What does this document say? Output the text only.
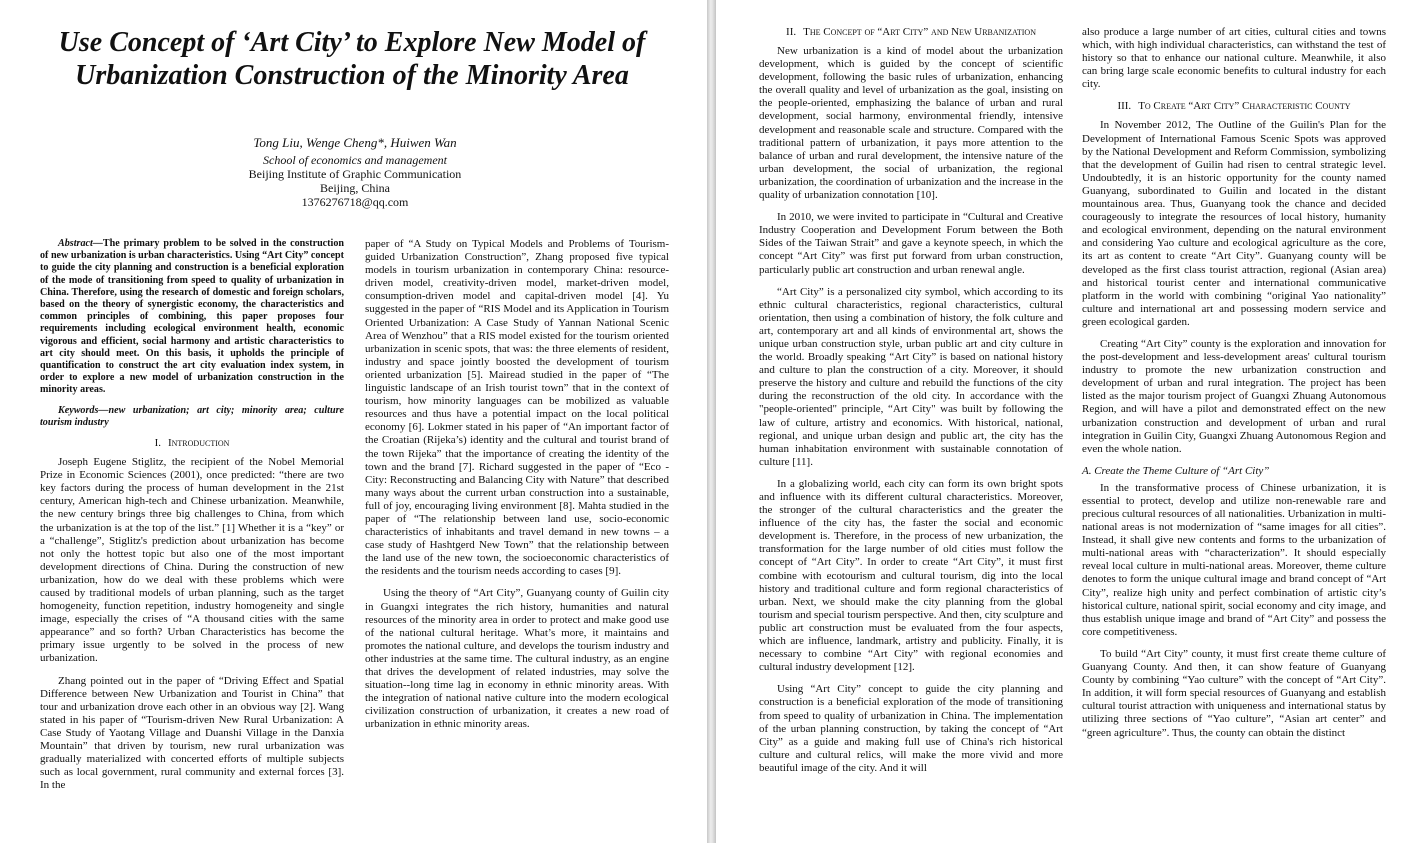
Use Concept of ‘Art City’ to Explore New Model of
Urbanization Construction of the Minority Area
Tong Liu, Wenge Cheng*, Huiwen Wan
School of economics and management
Beijing Institute of Graphic Communication
Beijing, China
1376276718@qq.com

Abstract—The primary problem to be solved in the construction of new urbanization is urban characteristics. Using “Art City” concept to guide the city planning and construction is a beneficial exploration of the mode of transitioning from speed to quality of urbanization in China. Therefore, using the research of domestic and foreign scholars, based on the theory of synergistic economy, the characteristics and common principles of combining, this paper proposes four requirements including ecological environment health, economic vigorous and efficient, social harmony and artistic characteristics to art city should meet. On this basis, it upholds the principle of quantification to construct the art city evaluation index system, in order to explore a new model of urbanization construction in the minority areas.

Keywords—new urbanization; art city; minority area; culture tourism industry

I. Introduction

Joseph Eugene Stiglitz, the recipient of the Nobel Memorial Prize in Economic Sciences (2001), once predicted: “there are two key factors during the process of human development in the 21st century, American high-tech and Chinese urbanization. Meanwhile, the new century brings three big challenges to China, from which the urbanization is at the top of the list.” [1] Whether it is a “key” or a “challenge”, Stiglitz's prediction about urbanization has become not only the hottest topic but also one of the most important development directions of China. During the construction of new urbanization, how do we deal with these problems which were caused by traditional models of urban planning, such as the target homogeneity, function repetition, industry homogeneity and single image, especially the crises of “A thousand cities with the same appearance” and so forth? Urban Characteristics has become the primary issue urgently to be solved in the process of new urbanization.

Zhang pointed out in the paper of “Driving Effect and Spatial Difference between New Urbanization and Tourist in China” that tour and urbanization drove each other in an obvious way [2]. Wang stated in his paper of “Tourism-driven New Rural Urbanization: A Case Study of Yaotang Village and Duanshi Village in the Danxia Mountain” that driven by tourism, new rural urbanization was gradually materialized with concerted efforts of multiple subjects such as local government, rural community and external forces [3]. In the

paper of “A Study on Typical Models and Problems of Tourism-guided Urbanization Construction”, Zhang proposed five typical models in tourism urbanization in contemporary China: resource-driven model, creativity-driven model, market-driven model, consumption-driven model and capital-driven model [4]. Yu suggested in the paper of “RIS Model and its Application in Tourism Oriented Urbanization: A Case Study of Yannan National Scenic Area of Wenzhou” that a RIS model existed for the tourism oriented urbanization in scenic spots, that was: the three elements of resident, industry and space jointly boosted the development of tourism oriented urbanization [5]. Mairead studied in the paper of “The linguistic landscape of an Irish tourist town” that in the context of tourism, how minority languages can be mobilized as valuable resources and thus have a potential impact on the local political economy [6]. Lokmer stated in his paper of “An important factor of the Croatian (Rijeka’s) identity and the cultural and tourist brand of the town Rijeka” that the importance of creating the identity of the town and the brand [7]. Richard suggested in the paper of “Eco - City: Reconstructing and Balancing City with Nature” that described many ways about the current urban construction into a sustainable, full of joy, encouraging living environment [8]. Mahta studied in the paper of “The relationship between land use, socio-economic characteristics of inhabitants and travel demand in new towns – a case study of Hashtgerd New Town” that the relationship between the land use of the new town, the socioeconomic characteristics of the residents and the tourism needs according to cases [9].

Using the theory of “Art City”, Guanyang county of Guilin city in Guangxi integrates the rich history, humanities and natural resources of the minority area in order to protect and make good use of the national cultural heritage. What’s more, it maintains and promotes the national culture, and develops the tourism industry and other industries at the same time. The cultural industry, as an engine that drives the development of related industries, may solve the situation--long time lag in economy in ethnic minority areas. With the integration of national native culture into the modern ecological civilization construction of urbanization, it creates a new road of urbanization in ethnic minority areas.

II. The Concept of “Art City” and New Urbanization

New urbanization is a kind of model about the urbanization development, which is guided by the concept of scientific development, following the basic rules of urbanization, enhancing the overall quality and level of urbanization as the goal, insisting on the people-oriented, emphasizing the balance of urban and rural development, social harmony, environmental friendly, intensive development and reasonable scale and structure. Compared with the traditional pattern of urbanization, it pays more attention to the balance of urban and rural development, the intensive nature of the urban development, the social of urbanization, the regional urbanization, the coordination of urbanization and the increase in the quality of urbanization connotation [10].

In 2010, we were invited to participate in “Cultural and Creative Industry Cooperation and Development Forum between the Both Sides of the Taiwan Strait” and gave a keynote speech, in which the concept “Art City” was first put forward from urban construction, particularly public art construction and urban renewal angle.

“Art City” is a personalized city symbol, which according to its ethnic cultural characteristics, regional characteristics, cultural orientation, then using a combination of history, the folk culture and art, contemporary art and all kinds of environmental art, shows the unique urban construction style, urban public art and city culture in the world. Broadly speaking “Art City” is based on national history and culture to plan the construction of a city. Moreover, it should preserve the history and culture and rebuild the functions of the city during the reconstruction of the old city. In accordance with the "people-oriented" principle, “Art City" was built by following the law of culture, artistry and economics. With historical, national, regional, and unique urban design and public art, the city has the human inhabitation environment with sustainable connotation of culture [11].

In a globalizing world, each city can form its own bright spots and influence with its different cultural characteristics. Moreover, the stronger of the cultural characteristics and the greater the influence of the city has, the faster the social and economic development is. Therefore, in the process of new urbanization, the transformation for the large number of old cities must follow the concept of “Art City”. In order to create “Art City”, it must first combine with ecotourism and cultural tourism, dig into the local history and traditional culture and form regional characteristics of urban. Next, we should make the city planning from the global tourism and special tourism perspective. And then, city sculpture and public art construction must be evaluated from the four aspects, which are influence, landmark, artistry and publicity. Finally, it is necessary to combine “Art City” with regional economies and cultural industry development [12].

Using “Art City” concept to guide the city planning and construction is a beneficial exploration of the mode of transitioning from speed to quality of urbanization in China. The implementation of the urban planning construction, by taking the concept of “Art City” as a guide and making full use of China's rich historical culture and cultural relics, will make the more vivid and more beautiful image of the city. And it will

also produce a large number of art cities, cultural cities and towns which, with high individual characteristics, can withstand the test of history so that to enhance our national culture. Meanwhile, it also can bring large scale economic benefits to cultural industry for each city.

III. To Create “Art City” Characteristic County

In November 2012, The Outline of the Guilin's Plan for the Development of International Famous Scenic Spots was approved by the National Development and Reform Commission, symbolizing that the development of Guilin had risen to central strategic level. Undoubtedly, it is an historic opportunity for the county named Guanyang, subordinated to Guilin and located in the distant mountainous area. Thus, Guanyang took the chance and decided courageously to integrate the resources of local history, humanity and ecological environment, depending on the natural environment and considering Yao culture and ecological agriculture as the core, its art as content to create “Art City”. Guanyang county will be developed as the first class tourist attraction, regional (Asian area) and historical tourist center and international communicative platform in the world with combining “original Yao nationality” culture and international art and possessing modern service and green ecological garden.

Creating “Art City” county is the exploration and innovation for the post-development and less-development areas' cultural tourism industry to promote the new urbanization construction and development of urban and rural integration. The project has been listed as the major tourism project of Guangxi Zhuang Autonomous Region, and will have a pilot and demonstrated effect on the new urbanization construction and development of urban and rural integration in Guilin City, Guangxi Zhuang Autonomous Region and even the whole nation.

A. Create the Theme Culture of “Art City”

In the transformative process of Chinese urbanization, it is essential to protect, develop and utilize non-renewable rare and precious cultural resources of all nationalities. Urbanization in multi-national areas is not modernization of “same images for all cities”. Instead, it shall give new contents and forms to the urbanization of multi-national areas with “characterization”. It should especially reveal local culture in multi-national areas. Moreover, theme culture denotes to form the unique cultural image and brand concept of “Art City”, realize high unity and perfect combination of artistic city’s historical culture, national spirit, social economy and city image, and thus establish unique image and brand of “Art City” and possess the core competitiveness.

To build “Art City” county, it must first create theme culture of Guanyang County. And then, it can show feature of Guanyang County by combining “Yao culture” with the concept of “Art City”. In addition, it will form special resources of Guanyang and establish cultural tourist attraction with uniqueness and international status by utilizing three sections of “Yao culture”, “Asian art center” and “green agriculture”. Thus, the county can obtain the distinct
